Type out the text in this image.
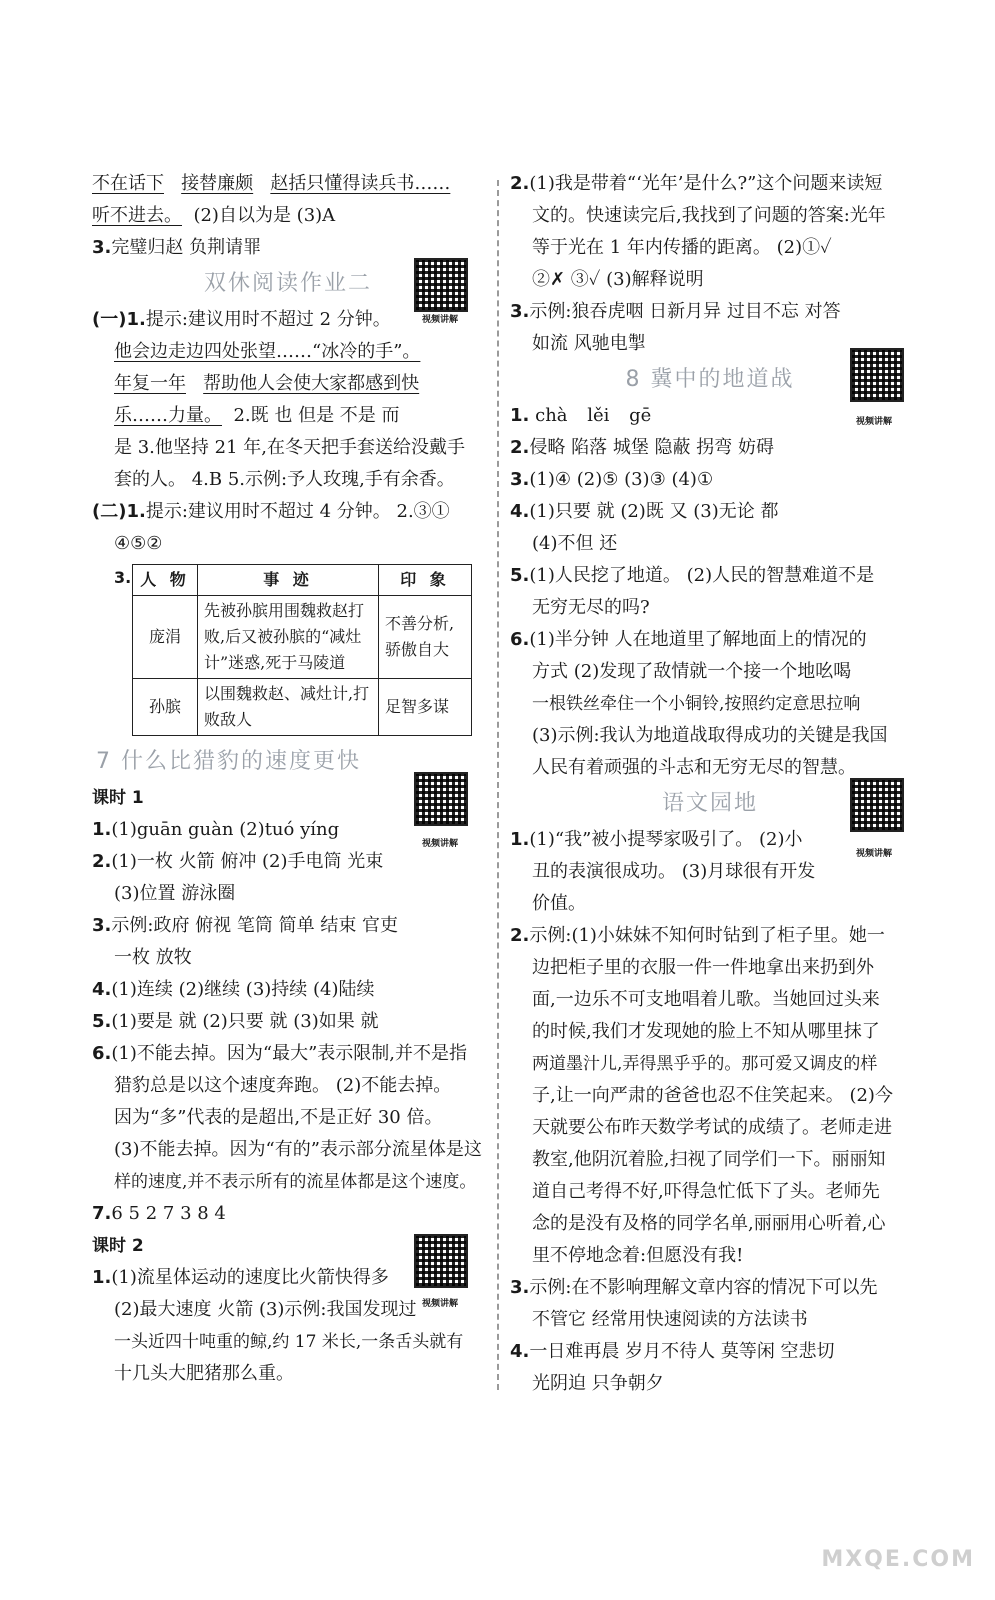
不在话下 接替廉颇 赵括只懂得读兵书……
听不进去。 (2)自以为是 (3)A
3.完璧归赵 负荆请罪
双休阅读作业二
(一)1.提示:建议用时不超过 2 分钟。	视频讲解
他会边走边四处张望……“冰冷的手”。
年复一年 帮助他人会使大家都感到快
乐……力量。 2.既 也 但是 不是 而
是 3.他坚持 21 年,在冬天把手套送给没戴手
套的人。 4.B 5.示例:予人玫瑰,手有余香。
(二)1.提示:建议用时不超过 4 分钟。 2.③①
④⑤②
3. 人 物	事 迹	印 象
庞涓	先被孙膑用围魏救赵打败,后又被孙膑的“减灶计”迷惑,死于马陵道	不善分析,骄傲自大
孙膑	以围魏救赵、减灶计,打败敌人	足智多谋
7 什么比猎豹的速度更快
课时 1
1.(1)guān guàn (2)tuó yíng
视频讲解
2.(1)一枚 火箭 俯冲 (2)手电筒 光束
(3)位置 游泳圈
3.示例:政府 俯视 笔筒 简单 结束 官吏
一枚 放牧
4.(1)连续 (2)继续 (3)持续 (4)陆续
5.(1)要是 就 (2)只要 就 (3)如果 就
6.(1)不能去掉。因为“最大”表示限制,并不是指
猎豹总是以这个速度奔跑。 (2)不能去掉。
因为“多”代表的是超出,不是正好 30 倍。
(3)不能去掉。因为“有的”表示部分流星体是这
样的速度,并不表示所有的流星体都是这个速度。
7.6 5 2 7 3 8 4
课时 2
1.(1)流星体运动的速度比火箭快得多
(2)最大速度 火箭 (3)示例:我国发现过 视频讲解
一头近四十吨重的鲸,约 17 米长,一条舌头就有
十几头大肥猪那么重。
2.(1)我是带着“‘光年’是什么?”这个问题来读短
文的。快速读完后,我找到了问题的答案:光年
等于光在 1 年内传播的距离。 (2)①✓
②✗ ③✓ (3)解释说明
3.示例:狼吞虎咽 日新月异 过目不忘 对答
如流 风驰电掣
8 冀中的地道战
1. chà lěi gē	视频讲解
2.侵略 陷落 城堡 隐蔽 拐弯 妨碍
3.(1)④ (2)⑤ (3)③ (4)①
4.(1)只要 就 (2)既 又 (3)无论 都
(4)不但 还
5.(1)人民挖了地道。 (2)人民的智慧难道不是
无穷无尽的吗?
6.(1)半分钟 人在地道里了解地面上的情况的
方式 (2)发现了敌情就一个接一个地吆喝
一根铁丝牵住一个小铜铃,按照约定意思拉响
(3)示例:我认为地道战取得成功的关键是我国
人民有着顽强的斗志和无穷无尽的智慧。
语文园地
1.(1)“我”被小提琴家吸引了。 (2)小
视频讲解
丑的表演很成功。 (3)月球很有开发
价值。
2.示例:(1)小妹妹不知何时钻到了柜子里。她一
边把柜子里的衣服一件一件地拿出来扔到外
面,一边乐不可支地唱着儿歌。当她回过头来
的时候,我们才发现她的脸上不知从哪里抹了
两道墨汁儿,弄得黑乎乎的。那可爱又调皮的样
子,让一向严肃的爸爸也忍不住笑起来。 (2)今
天就要公布昨天数学考试的成绩了。老师走进
教室,他阴沉着脸,扫视了同学们一下。丽丽知
道自己考得不好,吓得急忙低下了头。老师先
念的是没有及格的同学名单,丽丽用心听着,心
里不停地念着:但愿没有我!
3.示例:在不影响理解文章内容的情况下可以先
不管它 经常用快速阅读的方法读书
4.一日难再晨 岁月不待人 莫等闲 空悲切
光阴迫 只争朝夕
MXQE.COM
